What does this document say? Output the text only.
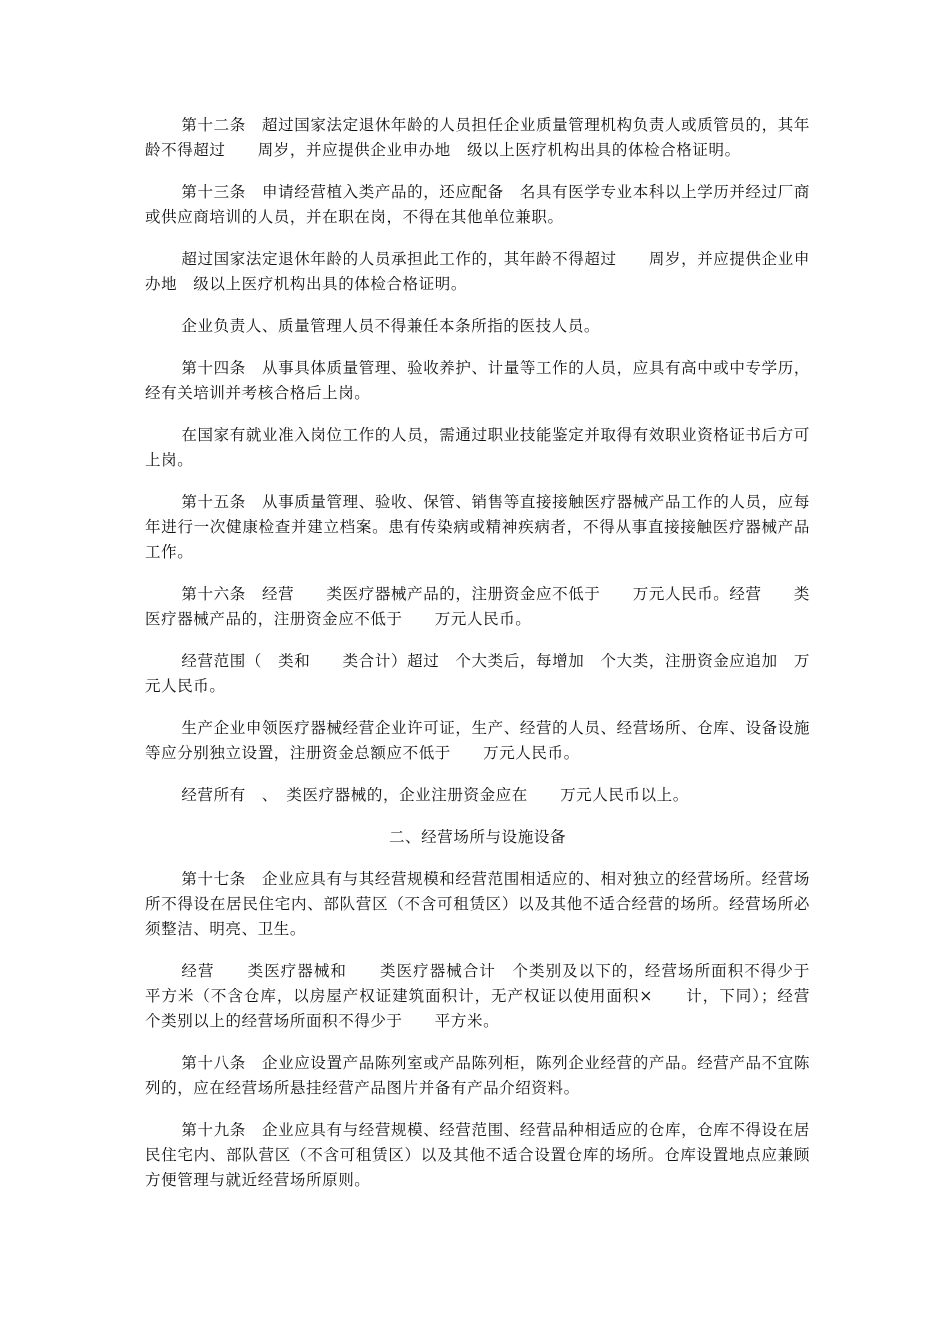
第十二条　超过国家法定退休年龄的人员担任企业质量管理机构负责人或质管员的，其年龄不得超过　　周岁，并应提供企业申办地　级以上医疗机构出具的体检合格证明。

第十三条　申请经营植入类产品的，还应配备　名具有医学专业本科以上学历并经过厂商或供应商培训的人员，并在职在岗，不得在其他单位兼职。

超过国家法定退休年龄的人员承担此工作的，其年龄不得超过　　周岁，并应提供企业申办地　级以上医疗机构出具的体检合格证明。

企业负责人、质量管理人员不得兼任本条所指的医技人员。

第十四条　从事具体质量管理、验收养护、计量等工作的人员，应具有高中或中专学历，经有关培训并考核合格后上岗。

在国家有就业准入岗位工作的人员，需通过职业技能鉴定并取得有效职业资格证书后方可上岗。

第十五条　从事质量管理、验收、保管、销售等直接接触医疗器械产品工作的人员，应每年进行一次健康检查并建立档案。患有传染病或精神疾病者，不得从事直接接触医疗器械产品工作。

第十六条　经营　　类医疗器械产品的，注册资金应不低于　　万元人民币。经营　　类医疗器械产品的，注册资金应不低于　　万元人民币。

经营范围（　类和　　类合计）超过　个大类后，每增加　个大类，注册资金应追加　万元人民币。

生产企业申领医疗器械经营企业许可证，生产、经营的人员、经营场所、仓库、设备设施等应分别独立设置，注册资金总额应不低于　　万元人民币。

经营所有　、　类医疗器械的，企业注册资金应在　　万元人民币以上。

二、经营场所与设施设备

第十七条　企业应具有与其经营规模和经营范围相适应的、相对独立的经营场所。经营场所不得设在居民住宅内、部队营区（不含可租赁区）以及其他不适合经营的场所。经营场所必须整洁、明亮、卫生。

经营　　类医疗器械和　　类医疗器械合计　个类别及以下的，经营场所面积不得少于　平方米（不含仓库，以房屋产权证建筑面积计，无产权证以使用面积×　　计，下同）；经营　个类别以上的经营场所面积不得少于　　平方米。

第十八条　企业应设置产品陈列室或产品陈列柜，陈列企业经营的产品。经营产品不宜陈列的，应在经营场所悬挂经营产品图片并备有产品介绍资料。

第十九条　企业应具有与经营规模、经营范围、经营品种相适应的仓库，仓库不得设在居民住宅内、部队营区（不含可租赁区）以及其他不适合设置仓库的场所。仓库设置地点应兼顾方便管理与就近经营场所原则。
